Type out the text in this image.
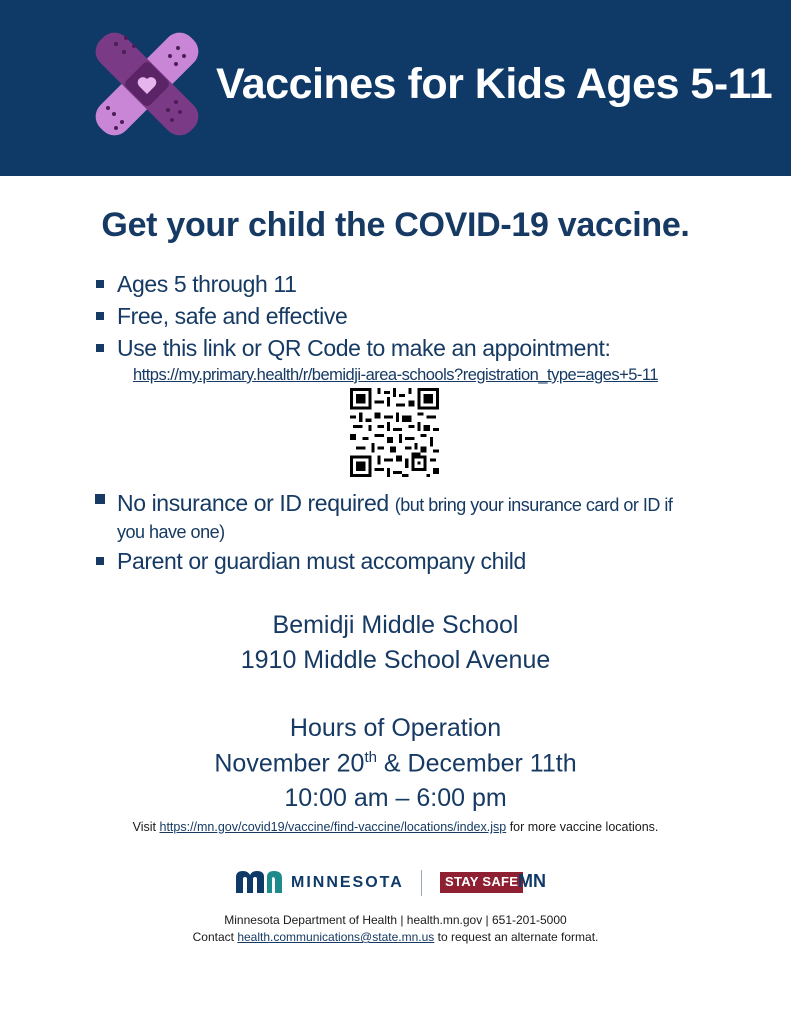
Vaccines for Kids Ages 5-11
Get your child the COVID-19 vaccine.
Ages 5 through 11
Free, safe and effective
Use this link or QR Code to make an appointment:
https://my.primary.health/r/bemidji-area-schools?registration_type=ages+5-11
No insurance or ID required (but bring your insurance card or ID if
you have one)
Parent or guardian must accompany child
Bemidji Middle School
1910 Middle School Avenue
Hours of Operation
November 20th & December 11th
10:00 am – 6:00 pm
Visit https://mn.gov/covid19/vaccine/find-vaccine/locations/index.jsp for more vaccine locations.
MINNESOTA	STAY SAFE MN
Minnesota Department of Health | health.mn.gov | 651-201-5000
Contact health.communications@state.mn.us to request an alternate format.
